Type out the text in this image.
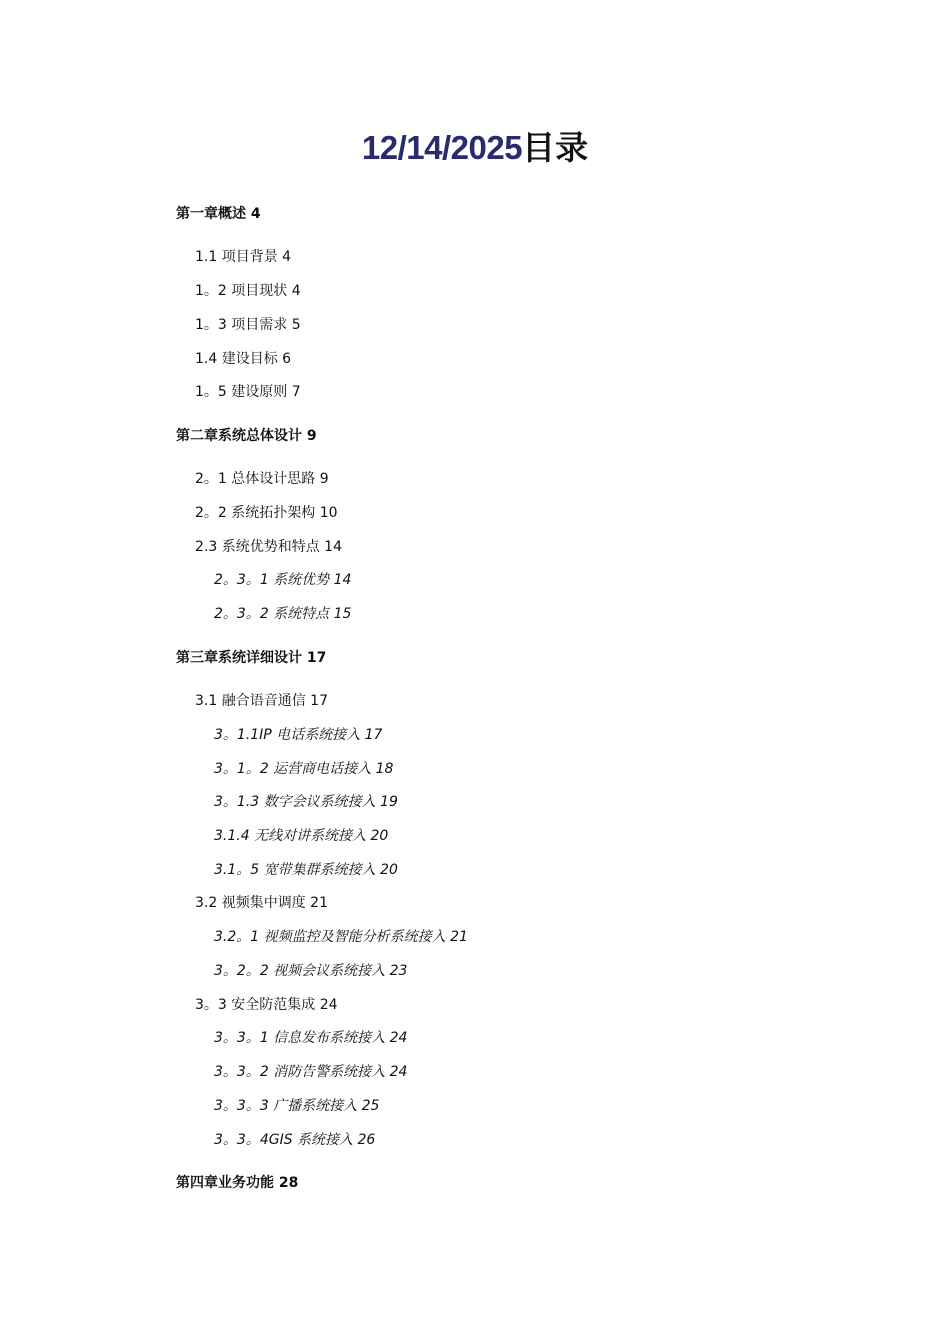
12/14/2025目录
第一章概述 4
1.1 项目背景 4
1。2 项目现状 4
1。3 项目需求 5
1.4 建设目标 6
1。5 建设原则 7
第二章系统总体设计 9
2。1 总体设计思路 9
2。2 系统拓扑架构 10
2.3 系统优势和特点 14
2。3。1 系统优势 14
2。3。2 系统特点 15
第三章系统详细设计 17
3.1 融合语音通信 17
3。1.1IP 电话系统接入 17
3。1。2 运营商电话接入 18
3。1.3 数字会议系统接入 19
3.1.4 无线对讲系统接入 20
3.1。5 宽带集群系统接入 20
3.2 视频集中调度 21
3.2。1 视频监控及智能分析系统接入 21
3。2。2 视频会议系统接入 23
3。3 安全防范集成 24
3。3。1 信息发布系统接入 24
3。3。2 消防告警系统接入 24
3。3。3 广播系统接入 25
3。3。4GIS 系统接入 26
第四章业务功能 28
